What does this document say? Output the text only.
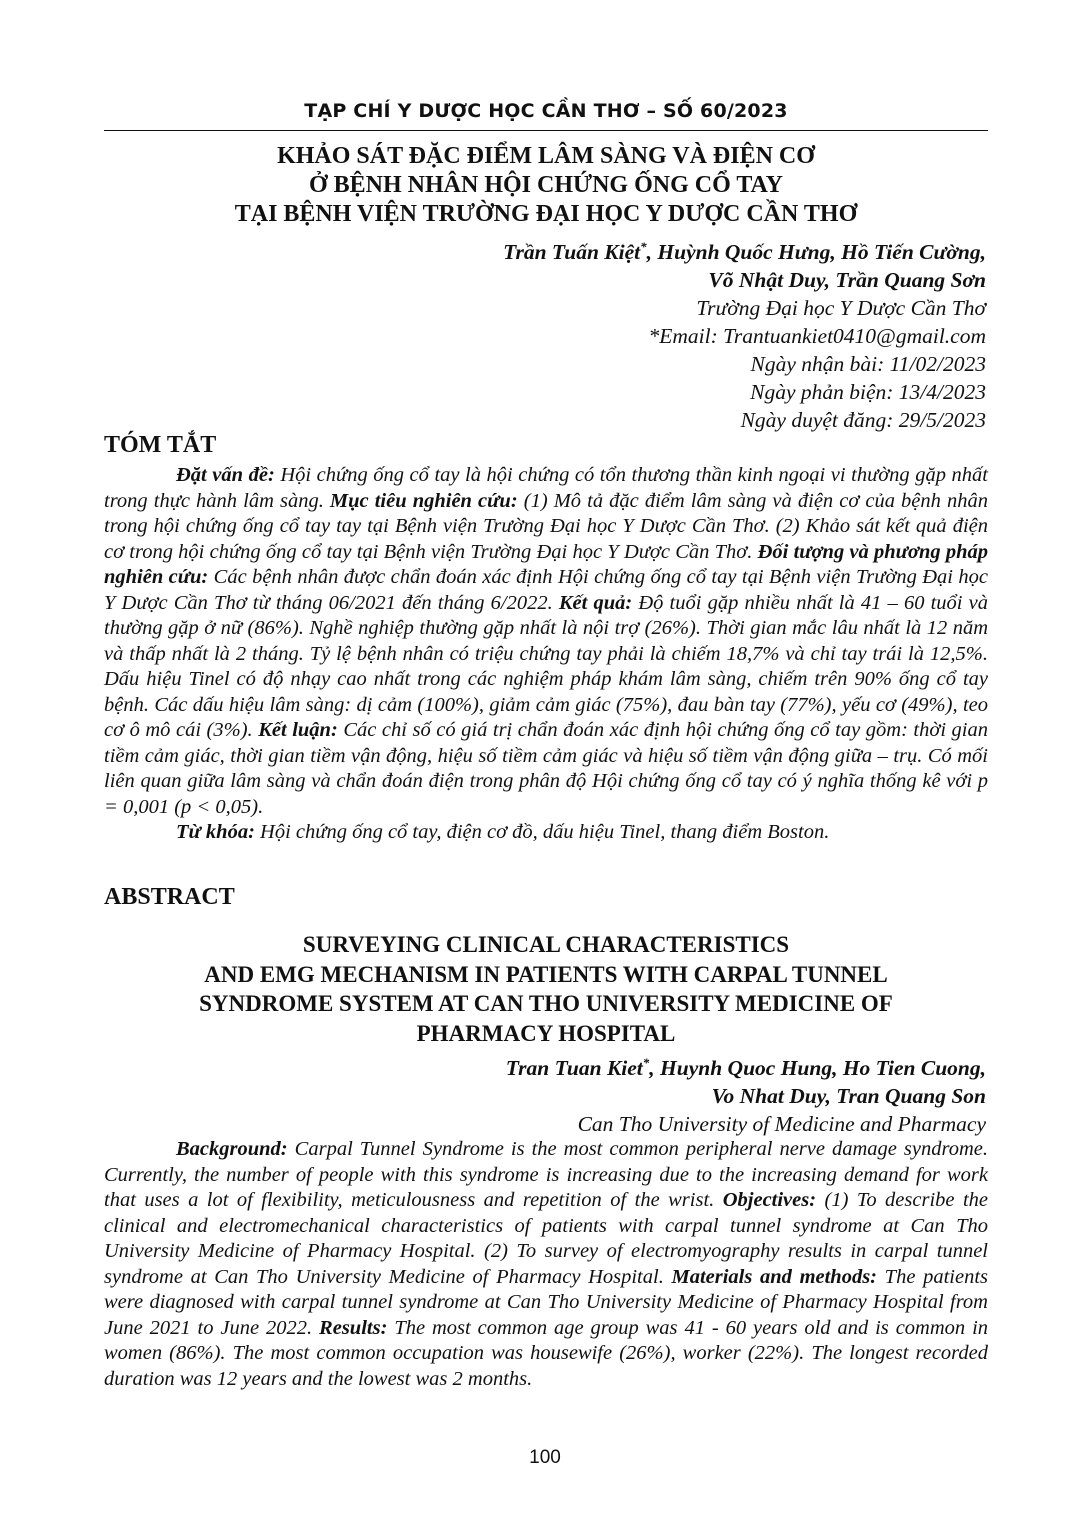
TẠP CHÍ Y DƯỢC HỌC CẦN THƠ – SỐ 60/2023
KHẢO SÁT ĐẶC ĐIỂM LÂM SÀNG VÀ ĐIỆN CƠ
Ở BỆNH NHÂN HỘI CHỨNG ỐNG CỔ TAY
TẠI BỆNH VIỆN TRƯỜNG ĐẠI HỌC Y DƯỢC CẦN THƠ
Trần Tuấn Kiệt*, Huỳnh Quốc Hưng, Hồ Tiến Cường,
Võ Nhật Duy, Trần Quang Sơn
Trường Đại học Y Dược Cần Thơ
*Email: Trantuankiet0410@gmail.com
Ngày nhận bài: 11/02/2023
Ngày phản biện: 13/4/2023
Ngày duyệt đăng: 29/5/2023
TÓM TẮT

Đặt vấn đề: Hội chứng ống cổ tay là hội chứng có tổn thương thần kinh ngoại vi thường gặp nhất trong thực hành lâm sàng. Mục tiêu nghiên cứu: (1) Mô tả đặc điểm lâm sàng và điện cơ của bệnh nhân trong hội chứng ống cổ tay tay tại Bệnh viện Trường Đại học Y Dược Cần Thơ. (2) Khảo sát kết quả điện cơ trong hội chứng ống cổ tay tại Bệnh viện Trường Đại học Y Dược Cần Thơ. Đối tượng và phương pháp nghiên cứu: Các bệnh nhân được chẩn đoán xác định Hội chứng ống cổ tay tại Bệnh viện Trường Đại học Y Dược Cần Thơ từ tháng 06/2021 đến tháng 6/2022. Kết quả: Độ tuổi gặp nhiều nhất là 41 – 60 tuổi và thường gặp ở nữ (86%). Nghề nghiệp thường gặp nhất là nội trợ (26%). Thời gian mắc lâu nhất là 12 năm và thấp nhất là 2 tháng. Tỷ lệ bệnh nhân có triệu chứng tay phải là chiếm 18,7% và chỉ tay trái là 12,5%. Dấu hiệu Tinel có độ nhạy cao nhất trong các nghiệm pháp khám lâm sàng, chiếm trên 90% ống cổ tay bệnh. Các dấu hiệu lâm sàng: dị cảm (100%), giảm cảm giác (75%), đau bàn tay (77%), yếu cơ (49%), teo cơ ô mô cái (3%). Kết luận: Các chỉ số có giá trị chẩn đoán xác định hội chứng ống cổ tay gồm: thời gian tiềm cảm giác, thời gian tiềm vận động, hiệu số tiềm cảm giác và hiệu số tiềm vận động giữa – trụ. Có mối liên quan giữa lâm sàng và chẩn đoán điện trong phân độ Hội chứng ống cổ tay có ý nghĩa thống kê với p = 0,001 (p < 0,05).

Từ khóa: Hội chứng ống cổ tay, điện cơ đồ, dấu hiệu Tinel, thang điểm Boston.

ABSTRACT
SURVEYING CLINICAL CHARACTERISTICS
AND EMG MECHANISM IN PATIENTS WITH CARPAL TUNNEL
SYNDROME SYSTEM AT CAN THO UNIVERSITY MEDICINE OF
PHARMACY HOSPITAL
Tran Tuan Kiet*, Huynh Quoc Hung, Ho Tien Cuong,
Vo Nhat Duy, Tran Quang Son
Can Tho University of Medicine and Pharmacy

Background: Carpal Tunnel Syndrome is the most common peripheral nerve damage syndrome. Currently, the number of people with this syndrome is increasing due to the increasing demand for work that uses a lot of flexibility, meticulousness and repetition of the wrist. Objectives: (1) To describe the clinical and electromechanical characteristics of patients with carpal tunnel syndrome at Can Tho University Medicine of Pharmacy Hospital. (2) To survey of electromyography results in carpal tunnel syndrome at Can Tho University Medicine of Pharmacy Hospital. Materials and methods: The patients were diagnosed with carpal tunnel syndrome at Can Tho University Medicine of Pharmacy Hospital from June 2021 to June 2022. Results: The most common age group was 41 - 60 years old and is common in women (86%). The most common occupation was housewife (26%), worker (22%). The longest recorded duration was 12 years and the lowest was 2 months.

100
